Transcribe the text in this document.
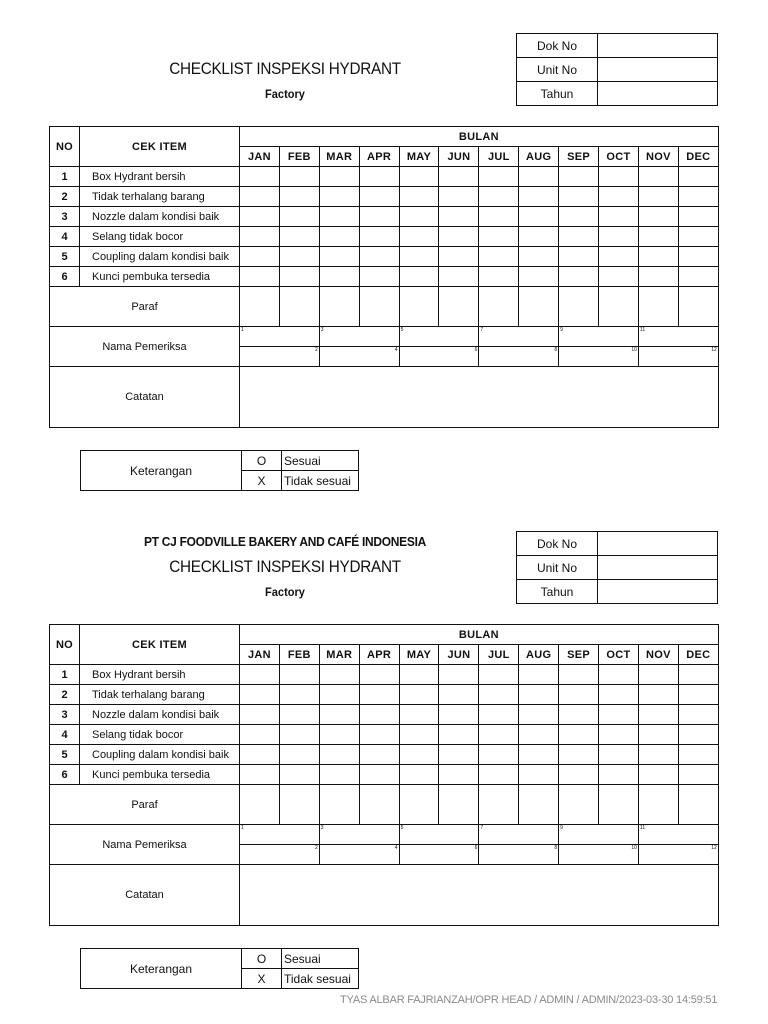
CHECKLIST INSPEKSI HYDRANT
Factory
Dok No	
Unit No	
Tahun	
NO	CEK ITEM	BULAN											
		JAN	FEB	MAR	APR	MAY	JUN	JUL	AUG	SEP	OCT	NOV	DEC
1	Box Hydrant bersih												
2	Tidak terhalang barang												
3	Nozzle dalam kondisi baik												
4	Selang tidak bocor												
5	Coupling dalam kondisi baik												
6	Kunci pembuka tersedia												
Paraf													
Nama Pemeriksa		1		3		5		7		9		11	
		2		4		6		8		10		12	
Catatan													
Keterangan	O	Sesuai
	X	Tidak sesuai
PT CJ FOODVILLE BAKERY AND CAFÉ INDONESIA
CHECKLIST INSPEKSI HYDRANT
Factory
Dok No	
Unit No	
Tahun	
NO	CEK ITEM	BULAN											
		JAN	FEB	MAR	APR	MAY	JUN	JUL	AUG	SEP	OCT	NOV	DEC
1	Box Hydrant bersih												
2	Tidak terhalang barang												
3	Nozzle dalam kondisi baik												
4	Selang tidak bocor												
5	Coupling dalam kondisi baik												
6	Kunci pembuka tersedia												
Paraf													
Nama Pemeriksa		1		3		5		7		9		11	
		2		4		6		8		10		12	
Catatan													
Keterangan	O	Sesuai
	X	Tidak sesuai
TYAS ALBAR FAJRIANZAH/OPR HEAD / ADMIN / ADMIN/2023-03-30 14:59:51
